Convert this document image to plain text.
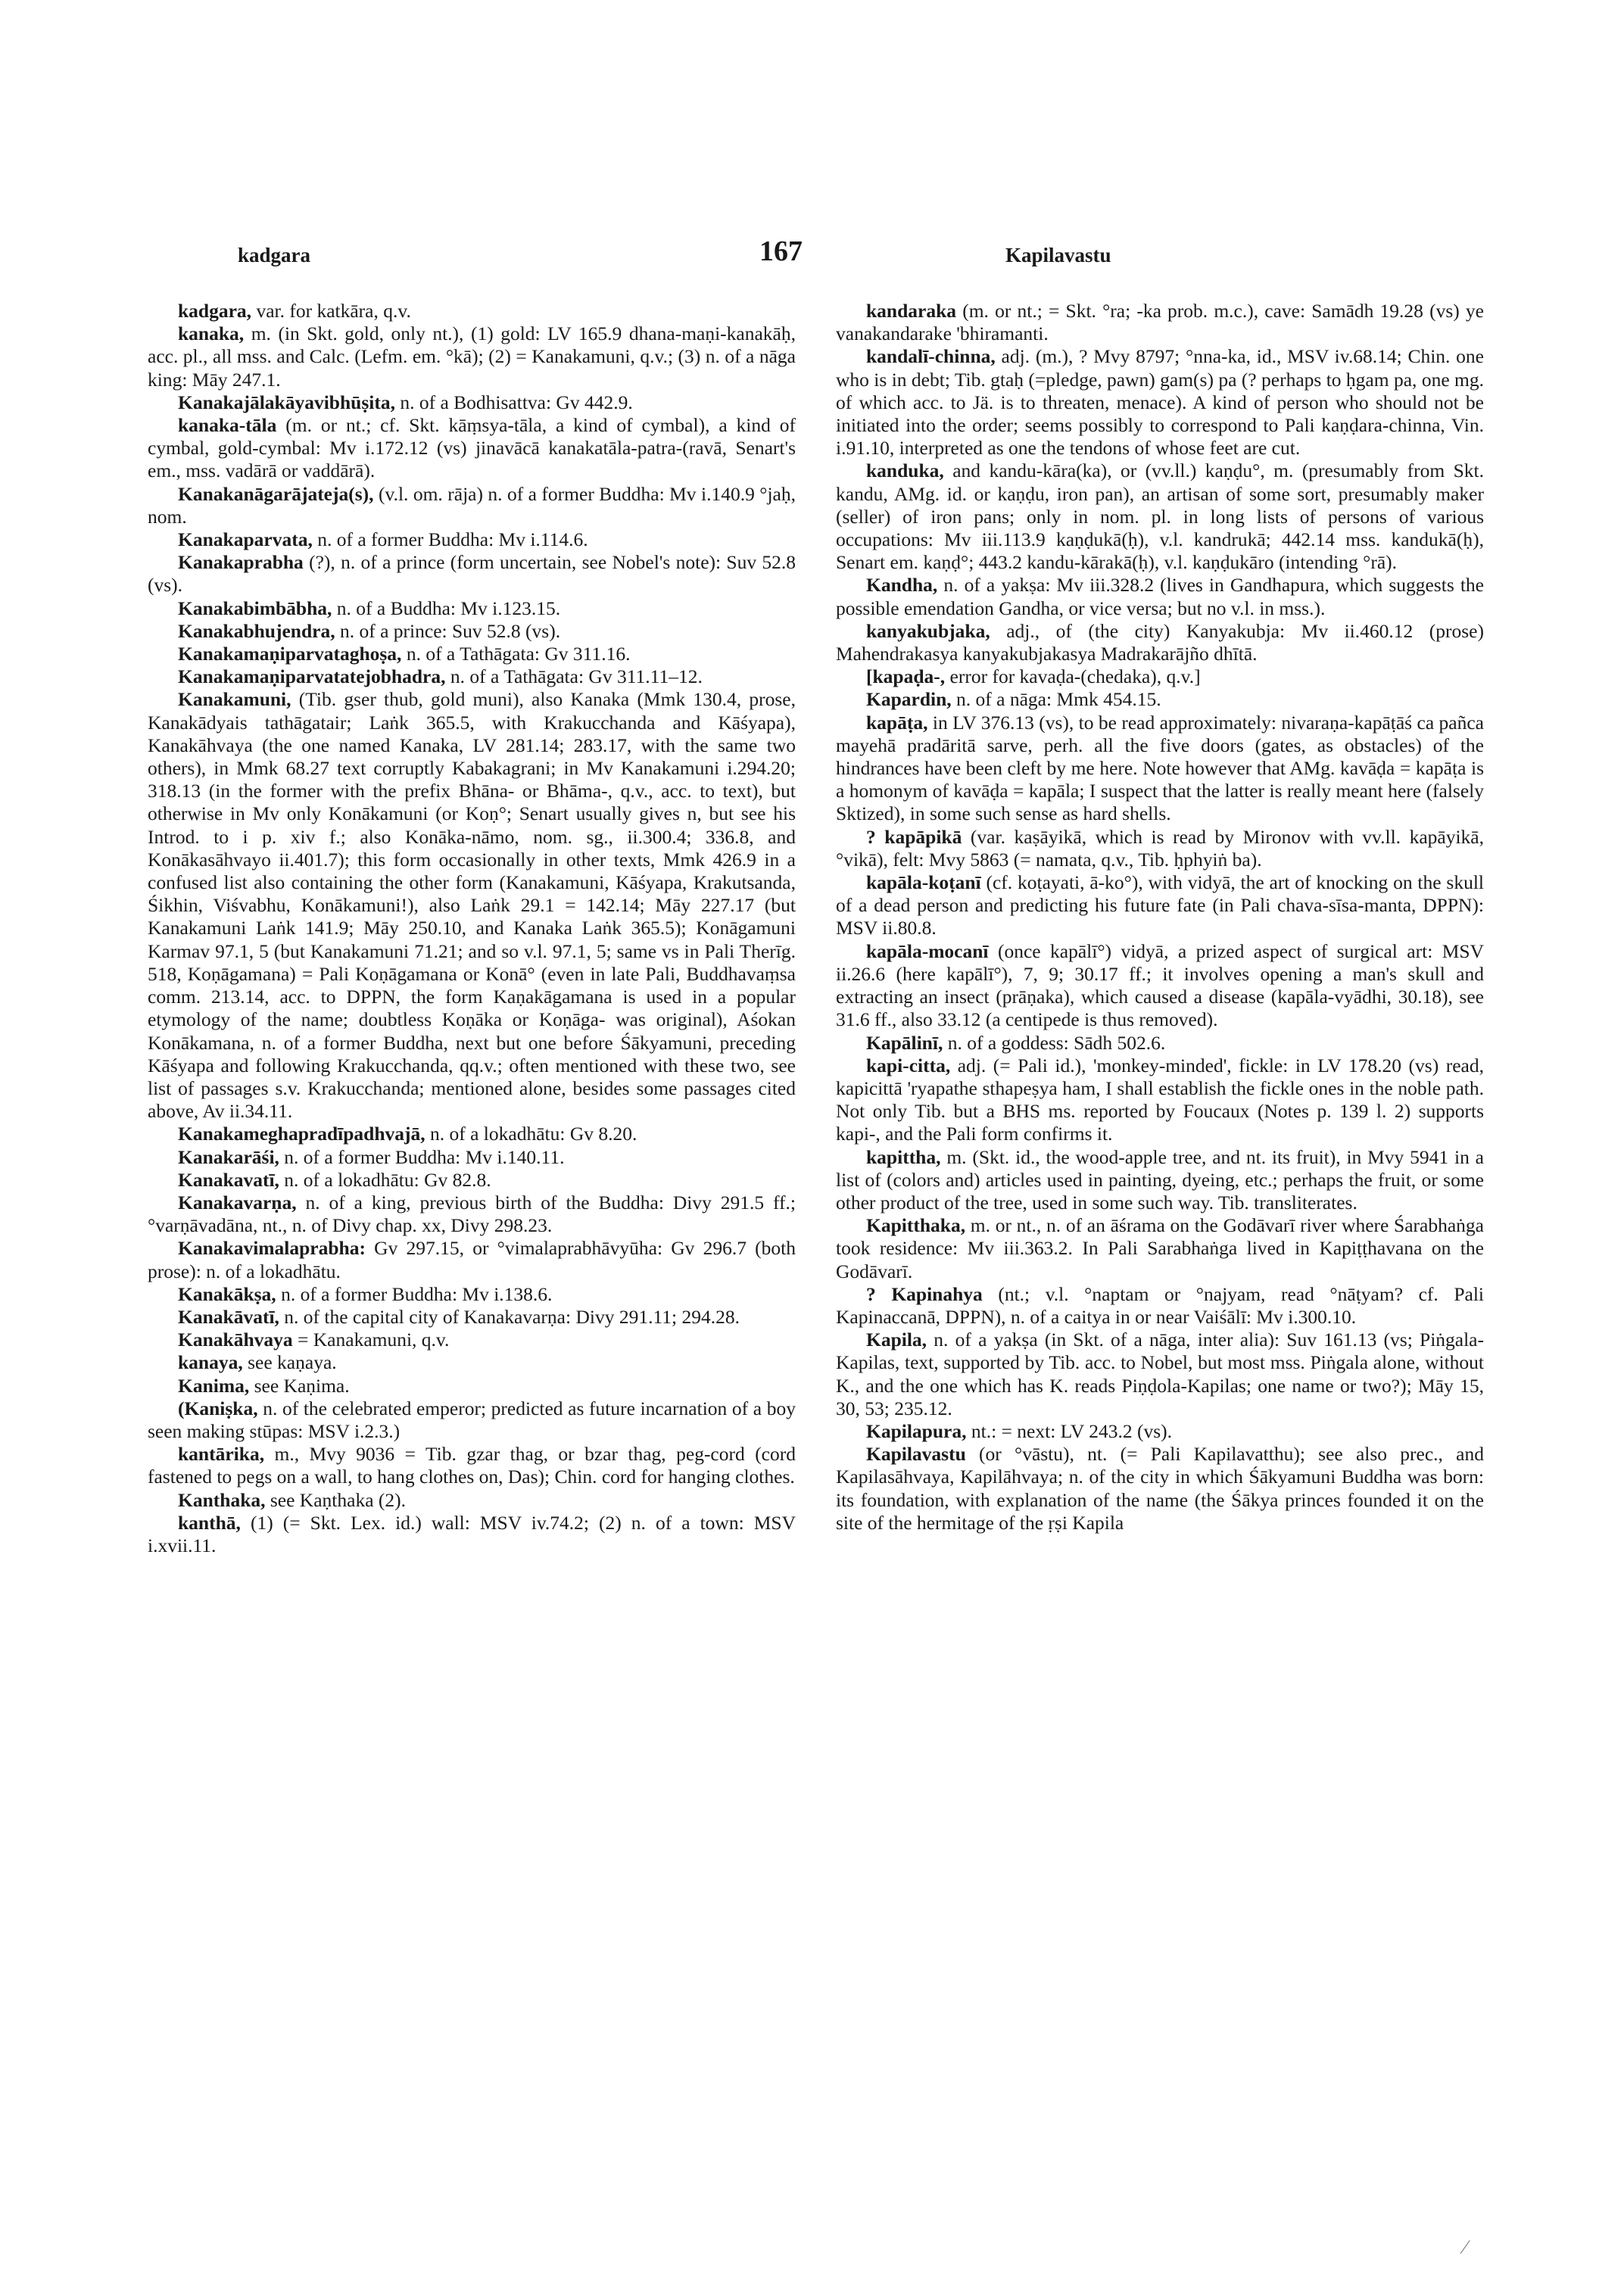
kadgara	167	Kapilavastu

kadgara, var. for katkāra, q.v.

kanaka, m. (in Skt. gold, only nt.), (1) gold: LV 165.9 dhana-maṇi-kanakāḥ, acc. pl., all mss. and Calc. (Lefm. em. °kā); (2) = Kanakamuni, q.v.; (3) n. of a nāga king: Māy 247.1.

Kanakajālakāyavibhūṣita, n. of a Bodhisattva: Gv 442.9.

kanaka-tāla (m. or nt.; cf. Skt. kāṃsya-tāla, a kind of cymbal), a kind of cymbal, gold-cymbal: Mv i.172.12 (vs) jinavācā kanakatāla-patra-(ravā, Senart's em., mss. vadārā or vaddārā).

Kanakanāgarājateja(s), (v.l. om. rāja) n. of a former Buddha: Mv i.140.9 °jaḥ, nom.

Kanakaparvata, n. of a former Buddha: Mv i.114.6.

Kanakaprabha (?), n. of a prince (form uncertain, see Nobel's note): Suv 52.8 (vs).

Kanakabimbābha, n. of a Buddha: Mv i.123.15.

Kanakabhujendra, n. of a prince: Suv 52.8 (vs).

Kanakamaṇiparvataghoṣa, n. of a Tathāgata: Gv 311.16.

Kanakamaṇiparvatatejobhadra, n. of a Tathāgata: Gv 311.11–12.

Kanakamuni, (Tib. gser thub, gold muni), also Kanaka (Mmk 130.4, prose, Kanakādyais tathāgatair; Laṅk 365.5, with Krakucchanda and Kāśyapa), Kanakāhvaya (the one named Kanaka, LV 281.14; 283.17, with the same two others), in Mmk 68.27 text corruptly Kabakagrani; in Mv Kanakamuni i.294.20; 318.13 (in the former with the prefix Bhāna- or Bhāma-, q.v., acc. to text), but otherwise in Mv only Konākamuni (or Koṇ°; Senart usually gives n, but see his Introd. to i p. xiv f.; also Konāka-nāmo, nom. sg., ii.300.4; 336.8, and Konākasāhvayo ii.401.7); this form occasionally in other texts, Mmk 426.9 in a confused list also containing the other form (Kanakamuni, Kāśyapa, Krakutsanda, Śikhin, Viśvabhu, Konākamuni!), also Laṅk 29.1 = 142.14; Māy 227.17 (but Kanakamuni Laṅk 141.9; Māy 250.10, and Kanaka Laṅk 365.5); Konāgamuni Karmav 97.1, 5 (but Kanakamuni 71.21; and so v.l. 97.1, 5; same vs in Pali Therīg. 518, Koṇāgamana) = Pali Koṇāgamana or Konā° (even in late Pali, Buddhavaṃsa comm. 213.14, acc. to DPPN, the form Kaṇakāgamana is used in a popular etymology of the name; doubtless Koṇāka or Koṇāga- was original), Aśokan Konākamana, n. of a former Buddha, next but one before Śākyamuni, preceding Kāśyapa and following Krakucchanda, qq.v.; often mentioned with these two, see list of passages s.v. Krakucchanda; mentioned alone, besides some passages cited above, Av ii.34.11.

Kanakameghapradīpadhvajā, n. of a lokadhātu: Gv 8.20.

Kanakarāśi, n. of a former Buddha: Mv i.140.11.

Kanakavatī, n. of a lokadhātu: Gv 82.8.

Kanakavarṇa, n. of a king, previous birth of the Buddha: Divy 291.5 ff.; °varṇāvadāna, nt., n. of Divy chap. xx, Divy 298.23.

Kanakavimalaprabha: Gv 297.15, or °vimalaprabhāvyūha: Gv 296.7 (both prose): n. of a lokadhātu.

Kanakākṣa, n. of a former Buddha: Mv i.138.6.

Kanakāvatī, n. of the capital city of Kanakavarṇa: Divy 291.11; 294.28.

Kanakāhvaya = Kanakamuni, q.v.

kanaya, see kaṇaya.

Kanima, see Kaṇima.

(Kaniṣka, n. of the celebrated emperor; predicted as future incarnation of a boy seen making stūpas: MSV i.2.3.)

kantārika, m., Mvy 9036 = Tib. gzar thag, or bzar thag, peg-cord (cord fastened to pegs on a wall, to hang clothes on, Das); Chin. cord for hanging clothes.

Kanthaka, see Kaṇthaka (2).

kanthā, (1) (= Skt. Lex. id.) wall: MSV iv.74.2; (2) n. of a town: MSV i.xvii.11.

kandaraka (m. or nt.; = Skt. °ra; -ka prob. m.c.), cave: Samādh 19.28 (vs) ye vanakandarake 'bhiramanti.

kandalī-chinna, adj. (m.), ? Mvy 8797; °nna-ka, id., MSV iv.68.14; Chin. one who is in debt; Tib. gtaḥ (=pledge, pawn) gam(s) pa (? perhaps to ḥgam pa, one mg. of which acc. to Jä. is to threaten, menace). A kind of person who should not be initiated into the order; seems possibly to correspond to Pali kaṇḍara-chinna, Vin. i.91.10, interpreted as one the tendons of whose feet are cut.

kanduka, and kandu-kāra(ka), or (vv.ll.) kaṇḍu°, m. (presumably from Skt. kandu, AMg. id. or kaṇḍu, iron pan), an artisan of some sort, presumably maker (seller) of iron pans; only in nom. pl. in long lists of persons of various occupations: Mv iii.113.9 kaṇḍukā(ḥ), v.l. kandrukā; 442.14 mss. kandukā(ḥ), Senart em. kaṇḍ°; 443.2 kandu-kārakā(ḥ), v.l. kaṇḍukāro (intending °rā).

Kandha, n. of a yakṣa: Mv iii.328.2 (lives in Gandhapura, which suggests the possible emendation Gandha, or vice versa; but no v.l. in mss.).

kanyakubjaka, adj., of (the city) Kanyakubja: Mv ii.460.12 (prose) Mahendrakasya kanyakubjakasya Madrakarājño dhītā.

[kapaḍa-, error for kavaḍa-(chedaka), q.v.]

Kapardin, n. of a nāga: Mmk 454.15.

kapāṭa, in LV 376.13 (vs), to be read approximately: nivaraṇa-kapāṭāś ca pañca mayehā pradāritā sarve, perh. all the five doors (gates, as obstacles) of the hindrances have been cleft by me here. Note however that AMg. kavāḍa = kapāṭa is a homonym of kavāḍa = kapāla; I suspect that the latter is really meant here (falsely Sktized), in some such sense as hard shells.

? kapāpikā (var. kaṣāyikā, which is read by Mironov with vv.ll. kapāyikā, °vikā), felt: Mvy 5863 (= namata, q.v., Tib. ḥphyiṅ ba).

kapāla-koṭanī (cf. koṭayati, ā-ko°), with vidyā, the art of knocking on the skull of a dead person and predicting his future fate (in Pali chava-sīsa-manta, DPPN): MSV ii.80.8.

kapāla-mocanī (once kapālī°) vidyā, a prized aspect of surgical art: MSV ii.26.6 (here kapālī°), 7, 9; 30.17 ff.; it involves opening a man's skull and extracting an insect (prāṇaka), which caused a disease (kapāla-vyādhi, 30.18), see 31.6 ff., also 33.12 (a centipede is thus removed).

Kapālinī, n. of a goddess: Sādh 502.6.

kapi-citta, adj. (= Pali id.), 'monkey-minded', fickle: in LV 178.20 (vs) read, kapicittā 'ryapathe sthapeṣya ham, I shall establish the fickle ones in the noble path. Not only Tib. but a BHS ms. reported by Foucaux (Notes p. 139 l. 2) supports kapi-, and the Pali form confirms it.

kapittha, m. (Skt. id., the wood-apple tree, and nt. its fruit), in Mvy 5941 in a list of (colors and) articles used in painting, dyeing, etc.; perhaps the fruit, or some other product of the tree, used in some such way. Tib. transliterates.

Kapitthaka, m. or nt., n. of an āśrama on the Godāvarī river where Śarabhaṅga took residence: Mv iii.363.2. In Pali Sarabhaṅga lived in Kapiṭṭhavana on the Godāvarī.

? Kapinahya (nt.; v.l. °naptam or °najyam, read °nāṭyam? cf. Pali Kapinaccanā, DPPN), n. of a caitya in or near Vaiśālī: Mv i.300.10.

Kapila, n. of a yakṣa (in Skt. of a nāga, inter alia): Suv 161.13 (vs; Piṅgala-Kapilas, text, supported by Tib. acc. to Nobel, but most mss. Piṅgala alone, without K., and the one which has K. reads Piṇḍola-Kapilas; one name or two?); Māy 15, 30, 53; 235.12.

Kapilapura, nt.: = next: LV 243.2 (vs).

Kapilavastu (or °vāstu), nt. (= Pali Kapilavatthu); see also prec., and Kapilasāhvaya, Kapilāhvaya; n. of the city in which Śākyamuni Buddha was born: its foundation, with explanation of the name (the Śākya princes founded it on the site of the hermitage of the ṛṣi Kapila

⁄
